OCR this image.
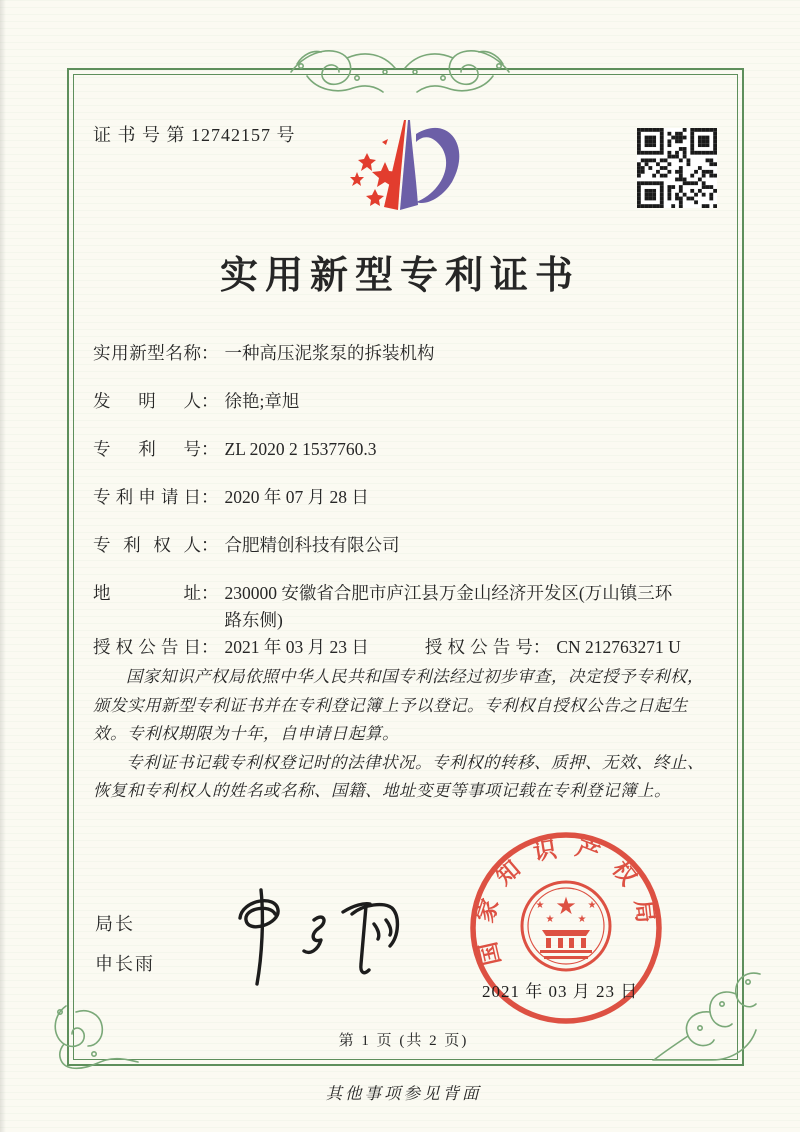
证 书 号 第 12742157 号
实用新型专利证书
实用新型名称 ： 一种高压泥浆泵的拆装机构
发明人 ： 徐艳;章旭
专利号 ： ZL 2020 2 1537760.3
专利申请日 ： 2020 年 07 月 28 日
专利权人 ： 合肥精创科技有限公司
地址 ： 230000 安徽省合肥市庐江县万金山经济开发区(万山镇三环路东侧)
授权公告日 ： 2021 年 03 月 23 日	授权公告号 ： CN 212763271 U

国家知识产权局依照中华人民共和国专利法经过初步审查，决定授予专利权，颁发实用新型专利证书并在专利登记簿上予以登记。专利权自授权公告之日起生效。专利权期限为十年，自申请日起算。

专利证书记载专利权登记时的法律状况。专利权的转移、质押、无效、终止、恢复和专利权人的姓名或名称、国籍、地址变更等事项记载在专利登记簿上。

局长
申长雨	国家知识产权局
★
★	★
★ ★
2021 年 03 月 23 日
第 1 页 (共 2 页)
其他事项参见背面
